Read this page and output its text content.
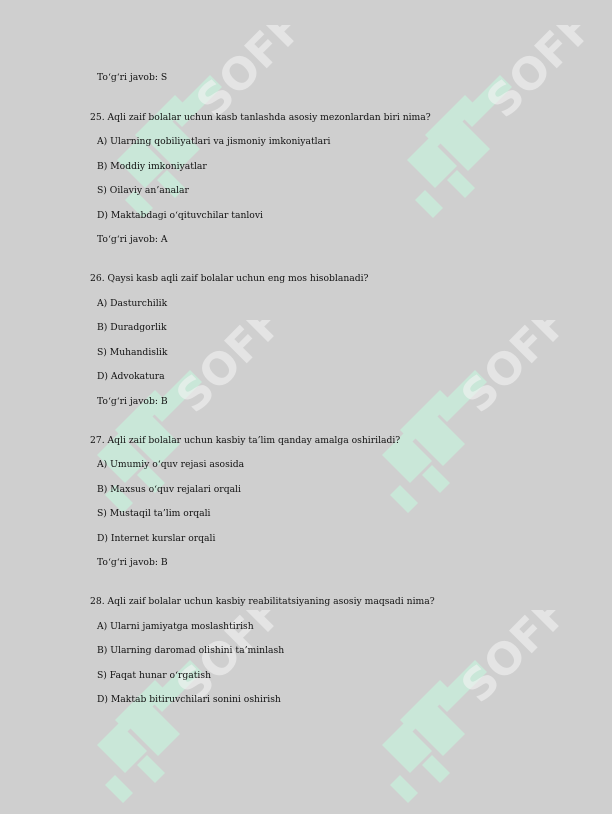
SOFF	SOFF
SOFF	SOFF
SOFF	SOFF
To‘g‘ri javob: S
25. Aqli zaif bolalar uchun kasb tanlashda asosiy mezonlardan biri nima?
A) Ularning qobiliyatlari va jismoniy imkoniyatlari
B) Moddiy imkoniyatlar
S) Oilaviy an’analar
D) Maktabdagi o‘qituvchilar tanlovi
To‘g‘ri javob: A
26. Qaysi kasb aqli zaif bolalar uchun eng mos hisoblanadi?
A) Dasturchilik
B) Duradgorlik
S) Muhandislik
D) Advokatura
To‘g‘ri javob: B
27. Aqli zaif bolalar uchun kasbiy ta’lim qanday amalga oshiriladi?
A) Umumiy o‘quv rejasi asosida
B) Maxsus o‘quv rejalari orqali
S) Mustaqil ta’lim orqali
D) Internet kurslar orqali
To‘g‘ri javob: B
28. Aqli zaif bolalar uchun kasbiy reabilitatsiyaning asosiy maqsadi nima?
A) Ularni jamiyatga moslashtirish
B) Ularning daromad olishini ta’minlash
S) Faqat hunar o‘rgatish
D) Maktab bitiruvchilari sonini oshirish
